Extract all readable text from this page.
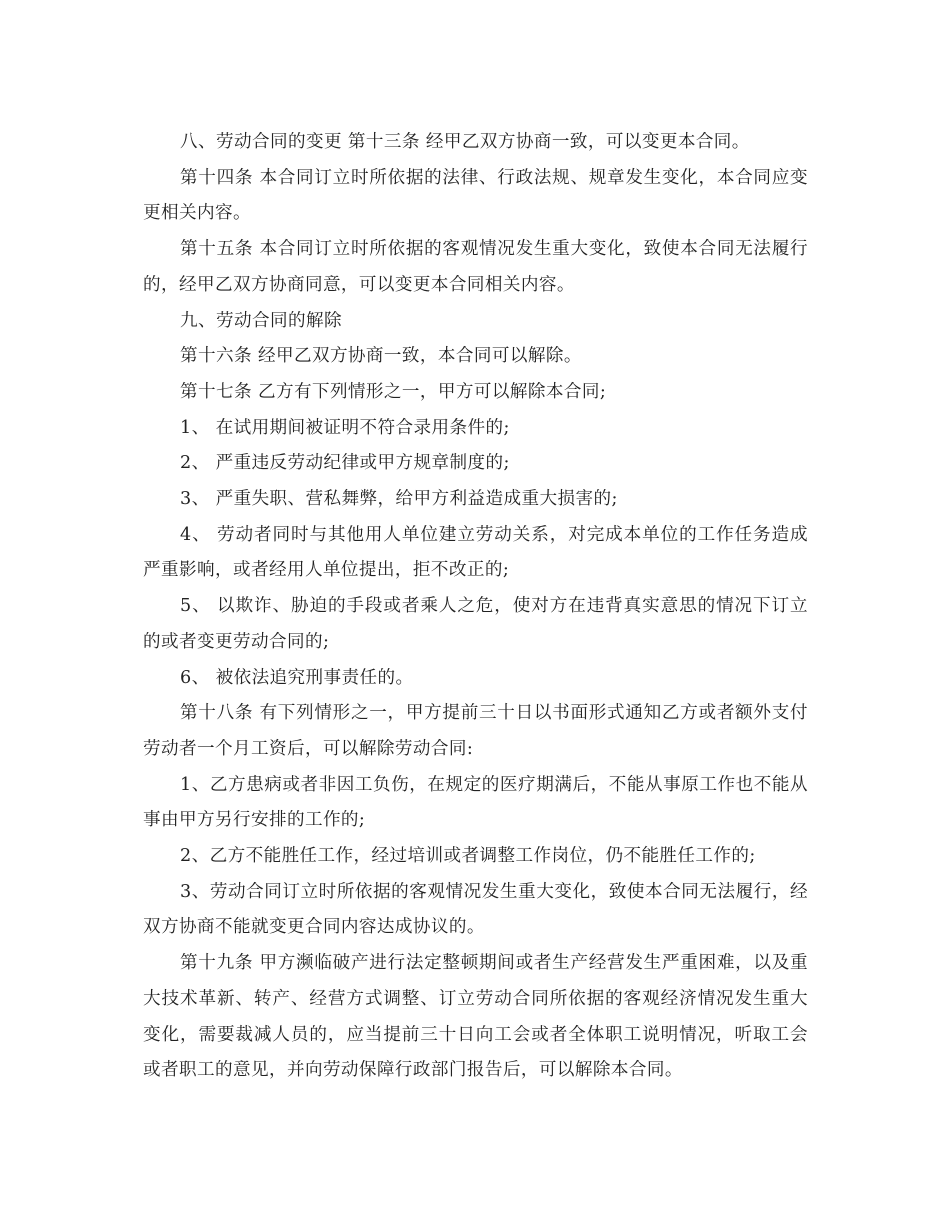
八、劳动合同的变更 第十三条 经甲乙双方协商一致，可以变更本合同。

第十四条 本合同订立时所依据的法律、行政法规、规章发生变化，本合同应变更相关内容。

第十五条 本合同订立时所依据的客观情况发生重大变化，致使本合同无法履行的，经甲乙双方协商同意，可以变更本合同相关内容。

九、劳动合同的解除

第十六条 经甲乙双方协商一致，本合同可以解除。

第十七条 乙方有下列情形之一，甲方可以解除本合同;

1、 在试用期间被证明不符合录用条件的;

2、 严重违反劳动纪律或甲方规章制度的;

3、 严重失职、营私舞弊，给甲方利益造成重大损害的;

4、 劳动者同时与其他用人单位建立劳动关系，对完成本单位的工作任务造成严重影响，或者经用人单位提出，拒不改正的;

5、 以欺诈、胁迫的手段或者乘人之危，使对方在违背真实意思的情况下订立的或者变更劳动合同的;

6、 被依法追究刑事责任的。

第十八条 有下列情形之一，甲方提前三十日以书面形式通知乙方或者额外支付劳动者一个月工资后，可以解除劳动合同:

1、乙方患病或者非因工负伤，在规定的医疗期满后，不能从事原工作也不能从事由甲方另行安排的工作的;

2、乙方不能胜任工作，经过培训或者调整工作岗位，仍不能胜任工作的;

3、劳动合同订立时所依据的客观情况发生重大变化，致使本合同无法履行，经双方协商不能就变更合同内容达成协议的。

第十九条 甲方濒临破产进行法定整顿期间或者生产经营发生严重困难，以及重大技术革新、转产、经营方式调整、订立劳动合同所依据的客观经济情况发生重大变化，需要裁减人员的，应当提前三十日向工会或者全体职工说明情况，听取工会或者职工的意见，并向劳动保障行政部门报告后，可以解除本合同。
